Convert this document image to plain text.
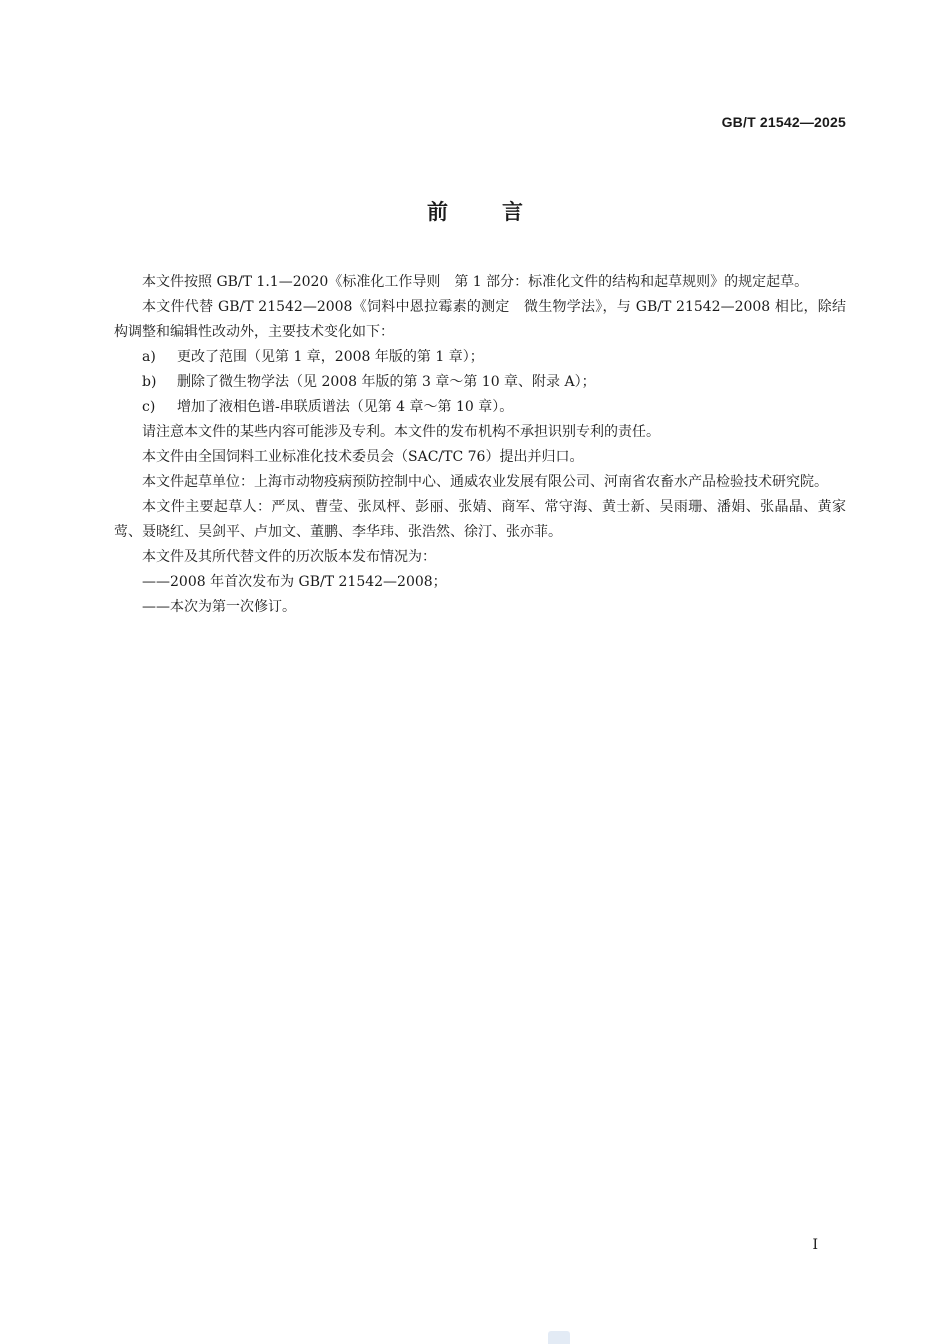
GB/T 21542—2025
前言

本文件按照 GB/T 1.1—2020《标准化工作导则　第 1 部分：标准化文件的结构和起草规则》的规定起草。

本文件代替 GB/T 21542—2008《饲料中恩拉霉素的测定　微生物学法》，与 GB/T 21542—2008 相比，除结构调整和编辑性改动外，主要技术变化如下：

a) 更改了范围（见第 1 章，2008 年版的第 1 章）；

b) 删除了微生物学法（见 2008 年版的第 3 章～第 10 章、附录 A）；

c) 增加了液相色谱-串联质谱法（见第 4 章～第 10 章）。

请注意本文件的某些内容可能涉及专利。本文件的发布机构不承担识别专利的责任。

本文件由全国饲料工业标准化技术委员会（SAC/TC 76）提出并归口。

本文件起草单位：上海市动物疫病预防控制中心、通威农业发展有限公司、河南省农畜水产品检验技术研究院。

本文件主要起草人：严凤、曹莹、张凤枰、彭丽、张婧、商军、常守海、黄士新、吴雨珊、潘娟、张晶晶、黄家莺、聂晓红、吴剑平、卢加文、董鹏、李华玮、张浩然、徐汀、张亦菲。

本文件及其所代替文件的历次版本发布情况为：

——2008 年首次发布为 GB/T 21542—2008；

——本次为第一次修订。

I
